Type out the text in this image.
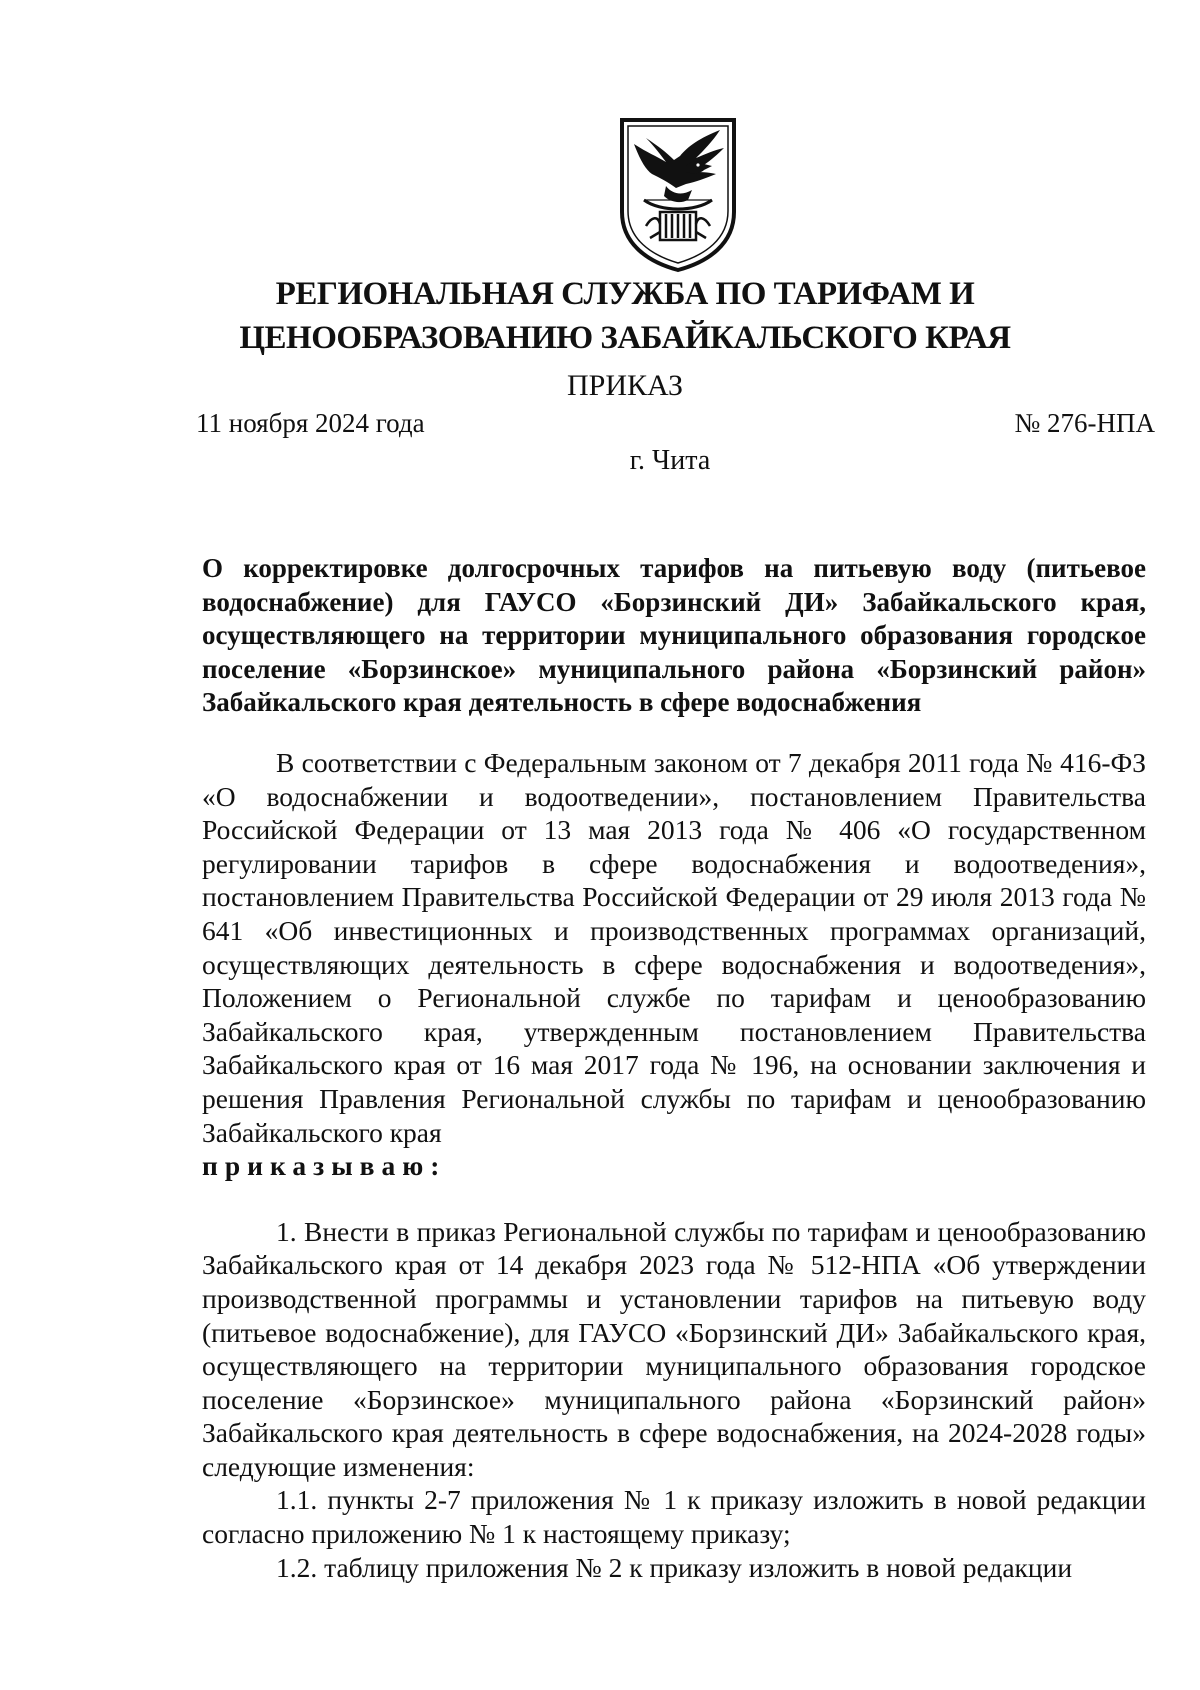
РЕГИОНАЛЬНАЯ СЛУЖБА ПО ТАРИФАМ И
ЦЕНООБРАЗОВАНИЮ ЗАБАЙКАЛЬСКОГО КРАЯ
ПРИКАЗ
11 ноября 2024 года	№ 276-НПА
г. Чита
О корректировке долгосрочных тарифов на питьевую воду (питьевое водоснабжение) для ГАУСО «Борзинский ДИ» Забайкальского края, осуществляющего на территории муниципального образования городское поселение «Борзинское» муниципального района «Борзинский район» Забайкальского края деятельность в сфере водоснабжения

В соответствии с Федеральным законом от 7 декабря 2011 года № 416-ФЗ «О водоснабжении и водоотведении», постановлением Правительства Российской Федерации от 13 мая 2013 года № 406 «О государственном регулировании тарифов в сфере водоснабжения и водоотведения», постановлением Правительства Российской Федерации от 29 июля 2013 года № 641 «Об инвестиционных и производственных программах организаций, осуществляющих деятельность в сфере водоснабжения и водоотведения», Положением о Региональной службе по тарифам и ценообразованию Забайкальского края, утвержденным постановлением Правительства Забайкальского края от 16 мая 2017 года № 196, на основании заключения и решения Правления Региональной службы по тарифам и ценообразованию Забайкальского края

приказываю:

1. Внести в приказ Региональной службы по тарифам и ценообразованию Забайкальского края от 14 декабря 2023 года № 512-НПА «Об утверждении производственной программы и установлении тарифов на питьевую воду (питьевое водоснабжение), для ГАУСО «Борзинский ДИ» Забайкальского края, осуществляющего на территории муниципального образования городское поселение «Борзинское» муниципального района «Борзинский район» Забайкальского края деятельность в сфере водоснабжения, на 2024-2028 годы» следующие изменения:

1.1. пункты 2-7 приложения № 1 к приказу изложить в новой редакции согласно приложению № 1 к настоящему приказу;

1.2. таблицу приложения № 2 к приказу изложить в новой редакции
